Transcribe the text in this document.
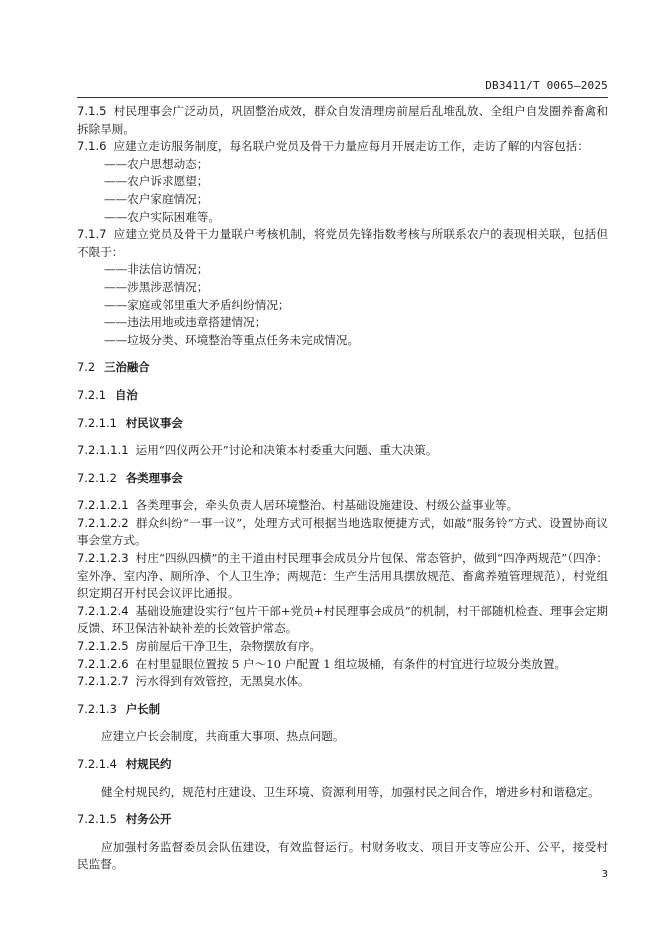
DB3411/T 0065—2025

7.1.5 村民理事会广泛动员，巩固整治成效，群众自发清理房前屋后乱堆乱放、全组户自发圈养畜禽和拆除旱厕。

7.1.6 应建立走访服务制度，每名联户党员及骨干力量应每月开展走访工作，走访了解的内容包括：

——农户思想动态；

——农户诉求愿望；

——农户家庭情况；

——农户实际困难等。

7.1.7 应建立党员及骨干力量联户考核机制，将党员先锋指数考核与所联系农户的表现相关联，包括但不限于：

——非法信访情况；

——涉黑涉恶情况；

——家庭或邻里重大矛盾纠纷情况；

——违法用地或违章搭建情况；

——垃圾分类、环境整治等重点任务未完成情况。

7.2 三治融合

7.2.1 自治

7.2.1.1 村民议事会

7.2.1.1.1 运用“四仪两公开”讨论和决策本村委重大问题、重大决策。

7.2.1.2 各类理事会

7.2.1.2.1 各类理事会，牵头负责人居环境整治、村基础设施建设、村级公益事业等。

7.2.1.2.2 群众纠纷“一事一议”，处理方式可根据当地选取便捷方式，如敲“服务铃”方式、设置协商议事会堂方式。

7.2.1.2.3 村庄“四纵四横”的主干道由村民理事会成员分片包保、常态管护，做到“四净两规范”（四净：室外净、室内净、厕所净、个人卫生净；两规范：生产生活用具摆放规范、畜禽养殖管理规范），村党组织定期召开村民会议评比通报。

7.2.1.2.4 基础设施建设实行“包片干部+党员+村民理事会成员”的机制，村干部随机检查、理事会定期反馈、环卫保洁补缺补差的长效管护常态。

7.2.1.2.5 房前屋后干净卫生，杂物摆放有序。

7.2.1.2.6 在村里显眼位置按 5 户～10 户配置 1 组垃圾桶，有条件的村宜进行垃圾分类放置。

7.2.1.2.7 污水得到有效管控，无黑臭水体。

7.2.1.3 户长制

应建立户长会制度，共商重大事项、热点问题。

7.2.1.4 村规民约

健全村规民约，规范村庄建设、卫生环境、资源利用等，加强村民之间合作，增进乡村和谐稳定。

7.2.1.5 村务公开

应加强村务监督委员会队伍建设，有效监督运行。村财务收支、项目开支等应公开、公平，接受村民监督。

3
